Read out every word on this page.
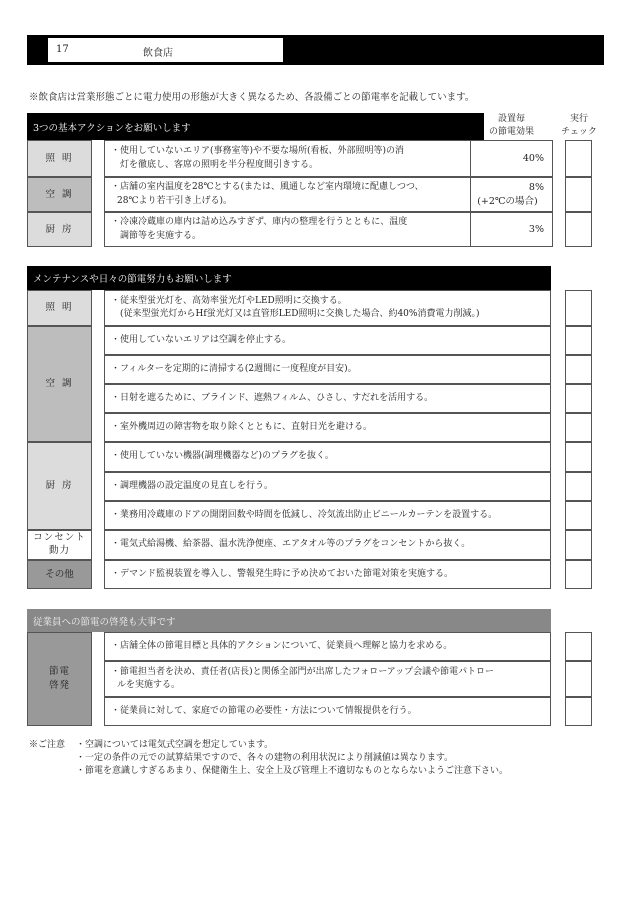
17	飲食店
※飲食店は営業形態ごとに電力使用の形態が大きく異なるため、各設備ごとの節電率を記載しています。
3つの基本アクションをお願いします
設置毎
の節電効果
実行
チェック
照 明
・使用していないエリア(事務室等)や不要な場所(看板、外部照明等)の消
灯を徹底し、客席の照明を半分程度間引きする。
40%
空 調
・店舗の室内温度を28℃とする(または、風通しなど室内環境に配慮しつつ、
28℃より若干引き上げる)。
8%
(+2℃の場合)
厨 房
・冷凍冷蔵庫の庫内は詰め込みすぎず、庫内の整理を行うとともに、温度
調節等を実施する。
3%
メンテナンスや日々の節電努力もお願いします
照 明
空 調
厨 房
コンセント
動力
その他
・従来型蛍光灯を、高効率蛍光灯やLED照明に交換する。
(従来型蛍光灯からHf蛍光灯又は直管形LED照明に交換した場合、約40%消費電力削減。)
・使用していないエリアは空調を停止する。
・フィルターを定期的に清掃する(2週間に一度程度が目安)。
・日射を遮るために、ブラインド、遮熱フィルム、ひさし、すだれを活用する。
・室外機周辺の障害物を取り除くとともに、直射日光を避ける。
・使用していない機器(調理機器など)のプラグを抜く。
・調理機器の設定温度の見直しを行う。
・業務用冷蔵庫のドアの開閉回数や時間を低減し、冷気流出防止ビニールカーテンを設置する。
・電気式給湯機、給茶器、温水洗浄便座、エアタオル等のプラグをコンセントから抜く。
・デマンド監視装置を導入し、警報発生時に予め決めておいた節電対策を実施する。
従業員への節電の啓発も大事です
節電
啓発
・店舗全体の節電目標と具体的アクションについて、従業員へ理解と協力を求める。
・節電担当者を決め、責任者(店長)と関係全部門が出席したフォローアップ会議や節電パトロー
ルを実施する。
・従業員に対して、家庭での節電の必要性・方法について情報提供を行う。
※ご注意 ・空調については電気式空調を想定しています。
・一定の条件の元での試算結果ですので、各々の建物の利用状況により削減値は異なります。
・節電を意識しすぎるあまり、保健衛生上、安全上及び管理上不適切なものとならないようご注意下さい。
